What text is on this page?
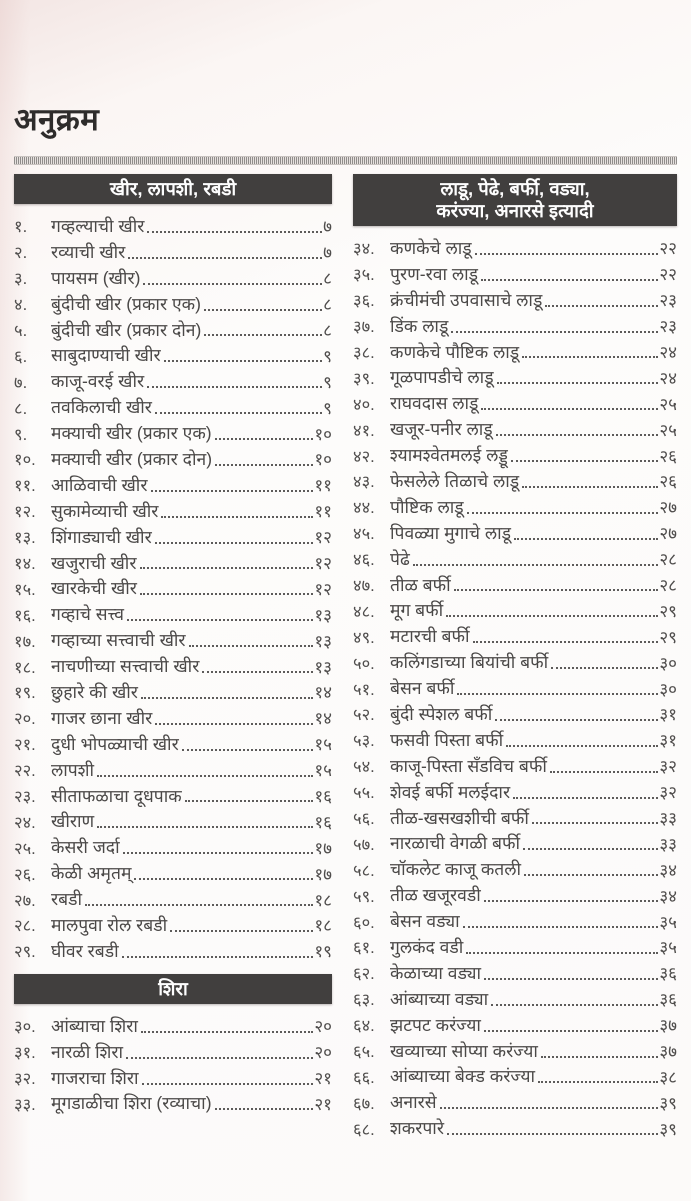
अनुक्रम
खीर, लापशी, रबडी
१.	गव्हल्याची खीर	७
२.	रव्याची खीर	७
३.	पायसम (खीर)	८
४.	बुंदीची खीर (प्रकार एक)	८
५.	बुंदीची खीर (प्रकार दोन)	८
६.	साबुदाण्याची खीर	९
७.	काजू-वरई खीर	९
८.	तवकिलाची खीर	९
९.	मक्याची खीर (प्रकार एक)	१०
१०. मक्याची खीर (प्रकार दोन)	१०
११. आळिवाची खीर	११
१२. सुकामेव्याची खीर	११
१३. शिंगाड्याची खीर	१२
१४. खजुराची खीर	१२
१५. खारकेची खीर	१२
१६. गव्हाचे सत्त्व	१३
१७. गव्हाच्या सत्त्वाची खीर	१३
१८. नाचणीच्या सत्त्वाची खीर	१३
१९. छुहारे की खीर	१४
२०. गाजर छाना खीर	१४
२१. दुधी भोपळ्याची खीर	१५
२२. लापशी	१५
२३. सीताफळाचा दूधपाक	१६
२४. खीराण	१६
२५. केसरी जर्दा	१७
२६. केळी अमृतम्	१७
२७. रबडी	१८
२८. मालपुवा रोल रबडी	१८
२९. घीवर रबडी	१९
शिरा
३०. आंब्याचा शिरा	२०
३१. नारळी शिरा	२०
३२. गाजराचा शिरा	२१
३३. मूगडाळीचा शिरा (रव्याचा)	२१
लाडू, पेढे, बर्फी, वड्या,
करंज्या, अनारसे इत्यादी
३४. कणकेचे लाडू	२२
३५. पुरण-रवा लाडू	२२
३६. क्रंचीमंची उपवासाचे लाडू	२३
३७. डिंक लाडू	२३
३८. कणकेचे पौष्टिक लाडू	२४
३९. गूळपापडीचे लाडू	२४
४०. राघवदास लाडू	२५
४१. खजूर-पनीर लाडू	२५
४२. श्यामश्वेतमलई लड्डू	२६
४३. फेसलेले तिळाचे लाडू	२६
४४. पौष्टिक लाडू	२७
४५. पिवळ्या मुगाचे लाडू	२७
४६. पेढे	२८
४७. तीळ बर्फी	२८
४८. मूग बर्फी	२९
४९. मटारची बर्फी	२९
५०. कलिंगडाच्या बियांची बर्फी	३०
५१. बेसन बर्फी	३०
५२. बुंदी स्पेशल बर्फी	३१
५३. फसवी पिस्ता बर्फी	३१
५४. काजू-पिस्ता सँडविच बर्फी	३२
५५. शेवई बर्फी मलईदार	३२
५६. तीळ-खसखशीची बर्फी	३३
५७. नारळाची वेगळी बर्फी	३३
५८. चॉकलेट काजू कतली	३४
५९. तीळ खजूरवडी	३४
६०. बेसन वड्या	३५
६१. गुलकंद वडी	३५
६२. केळाच्या वड्या	३६
६३. आंब्याच्या वड्या	३६
६४. झटपट करंज्या	३७
६५. खव्याच्या सोप्या करंज्या	३७
६६. आंब्याच्या बेक्ड करंज्या	३८
६७. अनारसे	३९
६८. शकरपारे	३९
